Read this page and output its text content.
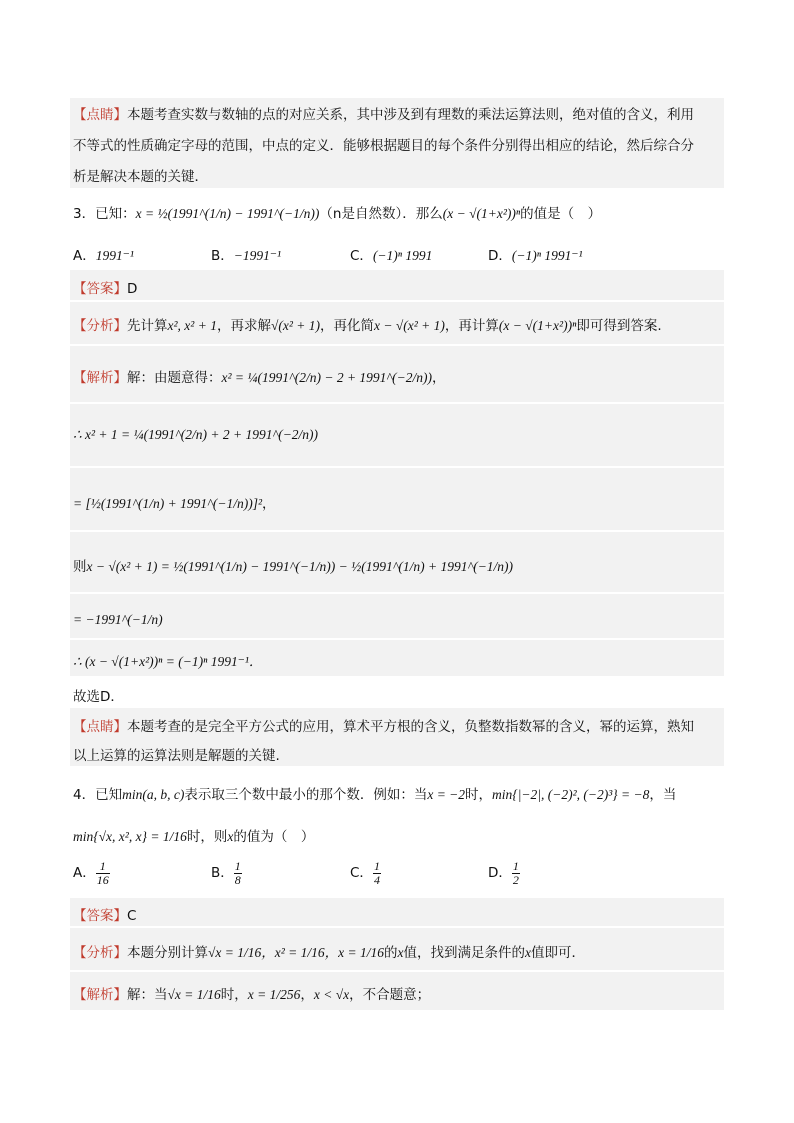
【点睛】本题考查实数与数轴的点的对应关系，其中涉及到有理数的乘法运算法则，绝对值的含义，利用
不等式的性质确定字母的范围，中点的定义．能够根据题目的每个条件分别得出相应的结论，然后综合分
析是解决本题的关键．
3．已知：x = ½(1991^(1/n) − 1991^(−1/n))（n是自然数）．那么(x − √(1+x²))ⁿ的值是（　）
A．1991⁻¹	B．−1991⁻¹	C．(−1)ⁿ 1991	D．(−1)ⁿ 1991⁻¹
【答案】D
【分析】先计算x², x² + 1，再求解√(x² + 1)，再化简x − √(x² + 1)，再计算(x − √(1+x²))ⁿ即可得到答案.
【解析】解：由题意得：x² = ¼(1991^(2/n) − 2 + 1991^(−2/n))，
∴ x² + 1 = ¼(1991^(2/n) + 2 + 1991^(−2/n))
= [½(1991^(1/n) + 1991^(−1/n))]²，
则x − √(x² + 1) = ½(1991^(1/n) − 1991^(−1/n)) − ½(1991^(1/n) + 1991^(−1/n))
= −1991^(−1/n)
∴ (x − √(1+x²))ⁿ = (−1)ⁿ 1991⁻¹．
故选D．
【点睛】本题考查的是完全平方公式的应用，算术平方根的含义，负整数指数幂的含义，幂的运算，熟知
以上运算的运算法则是解题的关键.
4．已知min(a, b, c)表示取三个数中最小的那个数．例如：当x = −2时，min{|−2|, (−2)², (−2)³} = −8，当
min{√x, x², x} = 1/16时，则x的值为（　）
A． $\frac{1}{16}$	B． $\frac{1}{8}$	C． $\frac{1}{4}$	D． $\frac{1}{2}$
【答案】C
【分析】本题分别计算√x = 1/16，x² = 1/16，x = 1/16的x值，找到满足条件的x值即可．
【解析】解：当√x = 1/16时，x = 1/256，x < √x，不合题意；
